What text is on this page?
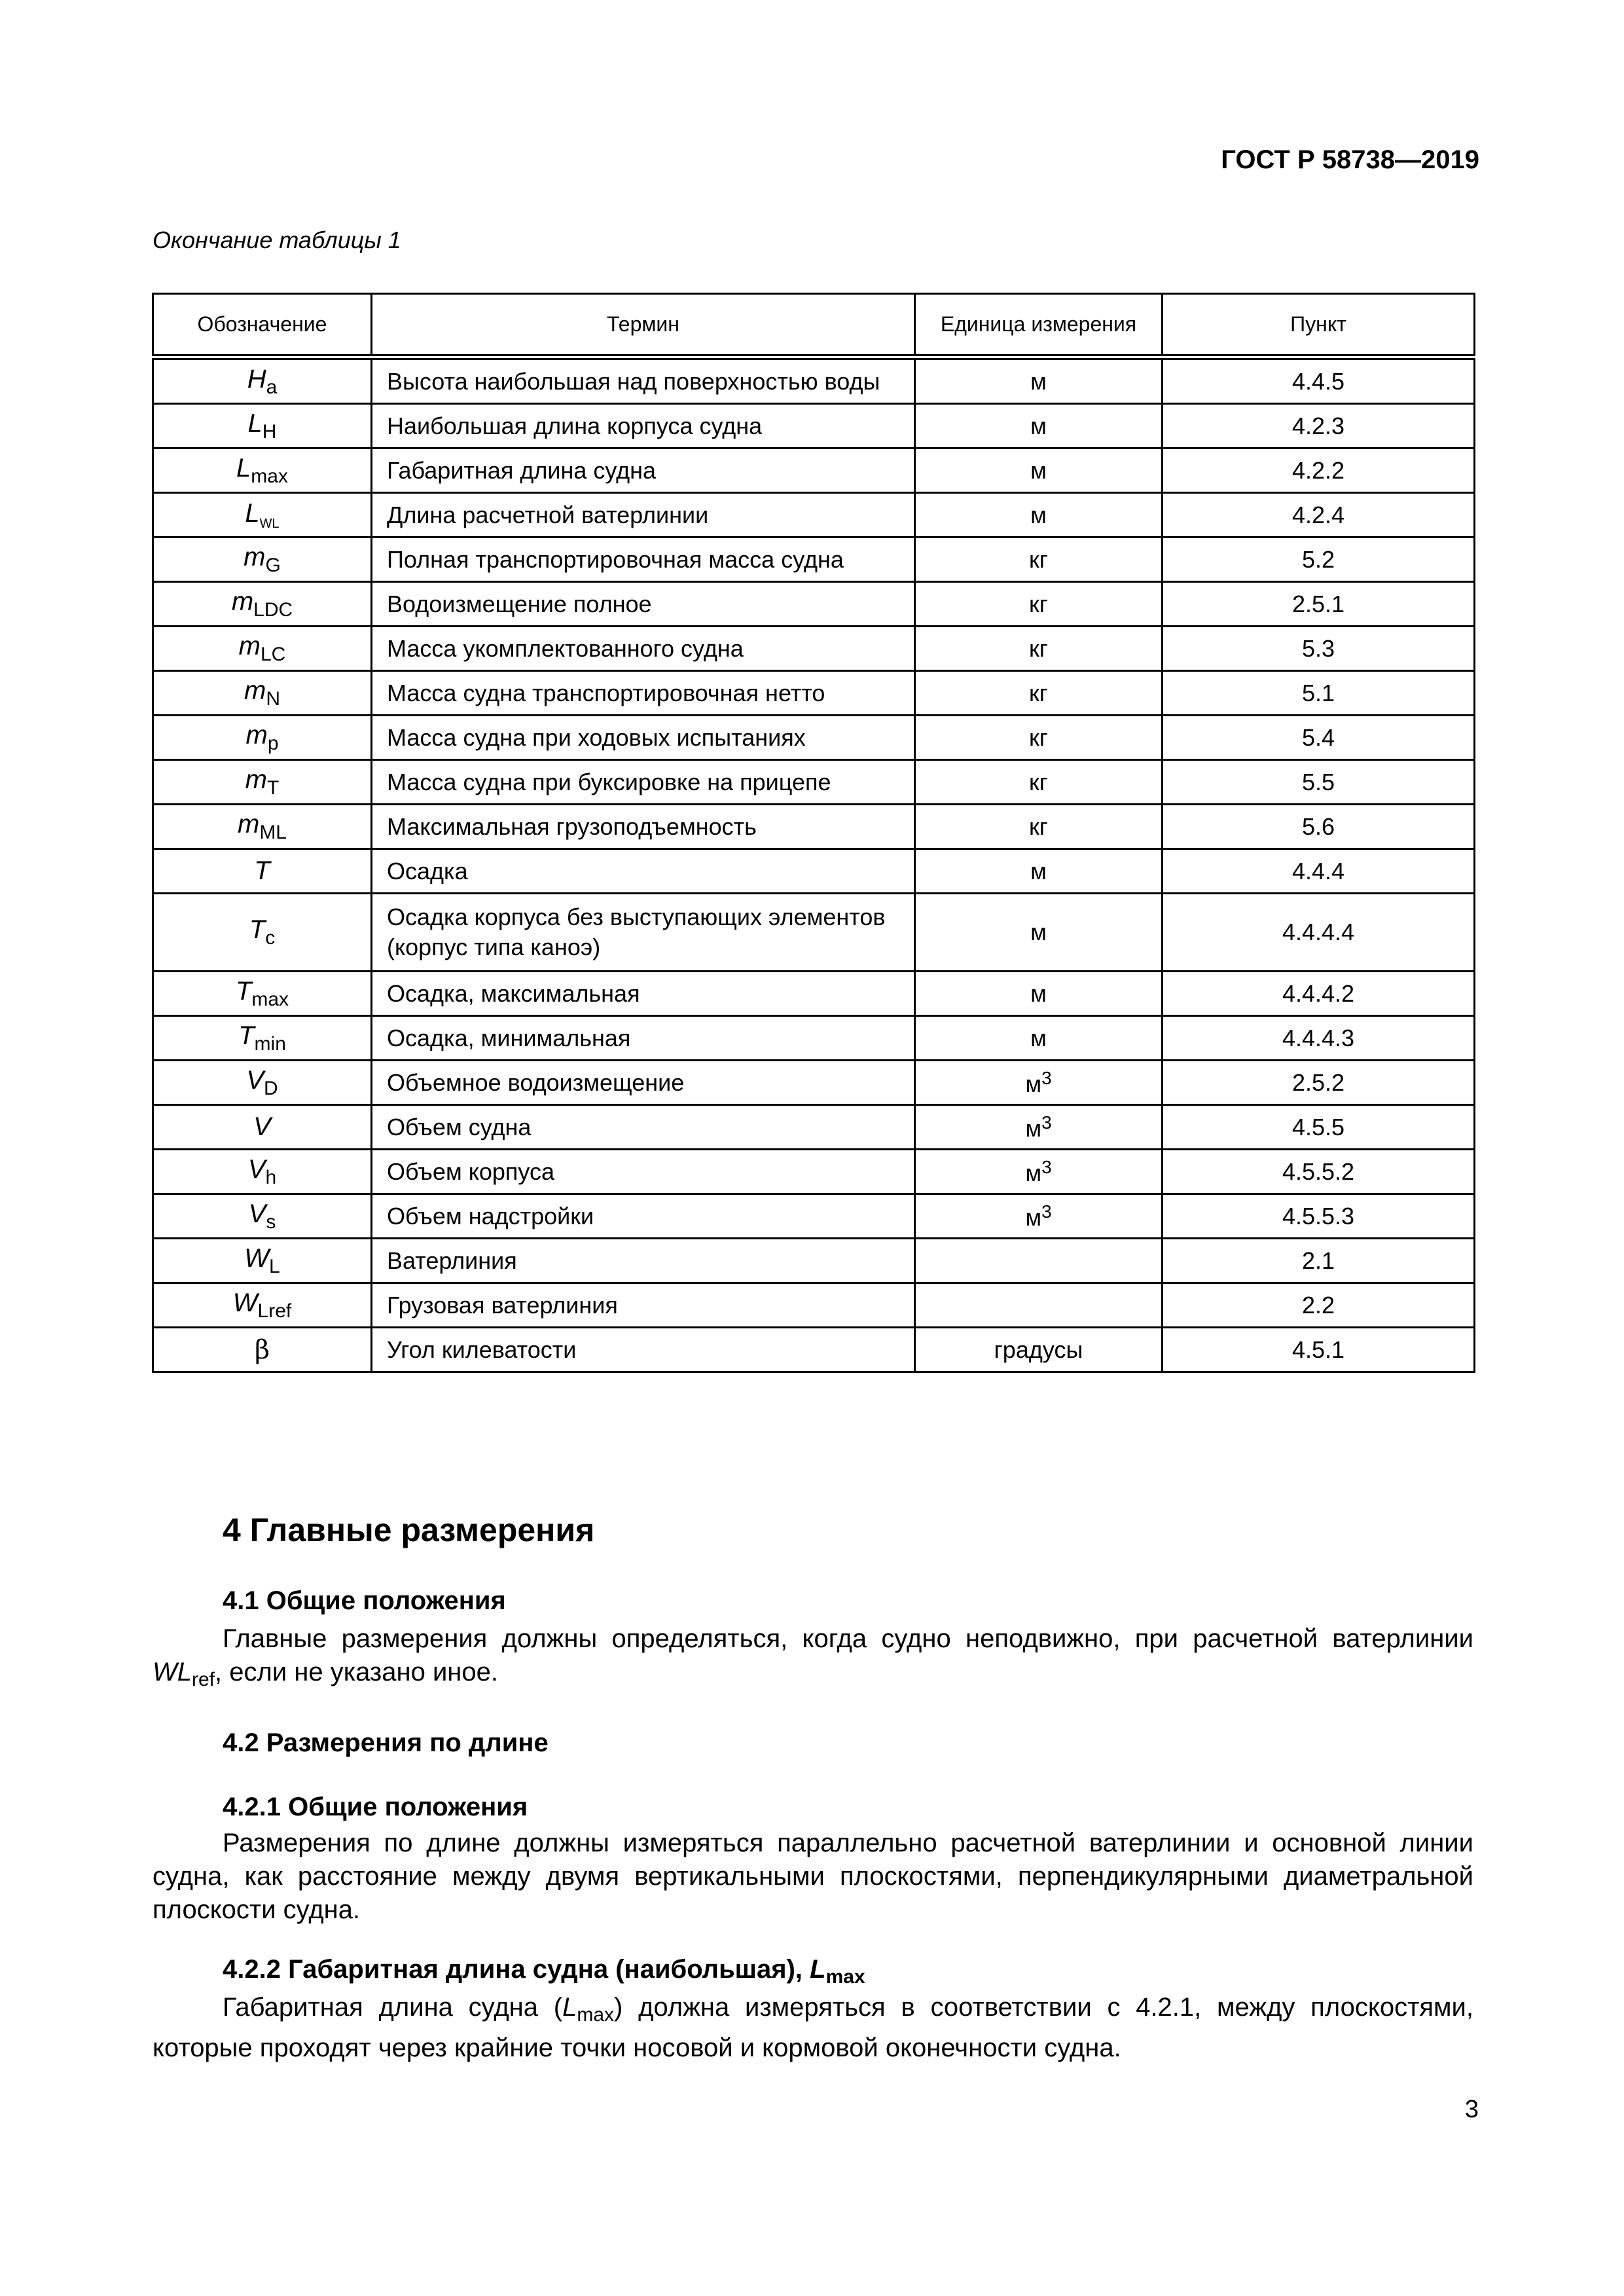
ГОСТ Р 58738—2019
Окончание таблицы 1
Обозначение	Термин	Единица измерения	Пункт
$H_a$	Высота наибольшая над поверхностью воды	м	4.4.5
$L_H$	Наибольшая длина корпуса судна	м	4.2.3
$L_{max}$	Габаритная длина судна	м	4.2.2
$L_{WL}$	Длина расчетной ватерлинии	м	4.2.4
$m_G$	Полная транспортировочная масса судна	кг	5.2
$m_{LDC}$	Водоизмещение полное	кг	2.5.1
$m_{LC}$	Масса укомплектованного судна	кг	5.3
$m_N$	Масса судна транспортировочная нетто	кг	5.1
$m_p$	Масса судна при ходовых испытаниях	кг	5.4
$m_T$	Масса судна при буксировке на прицепе	кг	5.5
$m_{ML}$	Максимальная грузоподъемность	кг	5.6
T	Осадка	м	4.4.4
$T_c$	Осадка корпуса без выступающих элементов (корпус типа каноэ)	м	4.4.4.4
$T_{max}$	Осадка, максимальная	м	4.4.4.2
$T_{min}$	Осадка, минимальная	м	4.4.4.3
$V_D$	Объемное водоизмещение	$м^3$	2.5.2
V	Объем судна	$м^3$	4.5.5
$V_h$	Объем корпуса	$м^3$	4.5.5.2
$V_s$	Объем надстройки	$м^3$	4.5.5.3
$W_L$	Ватерлиния		2.1
$W_{Lref}$	Грузовая ватерлиния		2.2
β	Угол килеватости	градусы	4.5.1
4 Главные размерения
4.1 Общие положения
Главные размерения должны определяться, когда судно неподвижно, при расчетной ватерлинии $WL_{ref}$, если не указано иное.
4.2 Размерения по длине
4.2.1 Общие положения
Размерения по длине должны измеряться параллельно расчетной ватерлинии и основной линии судна, как расстояние между двумя вертикальными плоскостями, перпендикулярными диаметральной плоскости судна.
4.2.2 Габаритная длина судна (наибольшая), $L_{max}$
Габаритная длина судна $(L_{max})$ должна измеряться в соответствии с 4.2.1, между плоскостями, которые проходят через крайние точки носовой и кормовой оконечности судна.
3
